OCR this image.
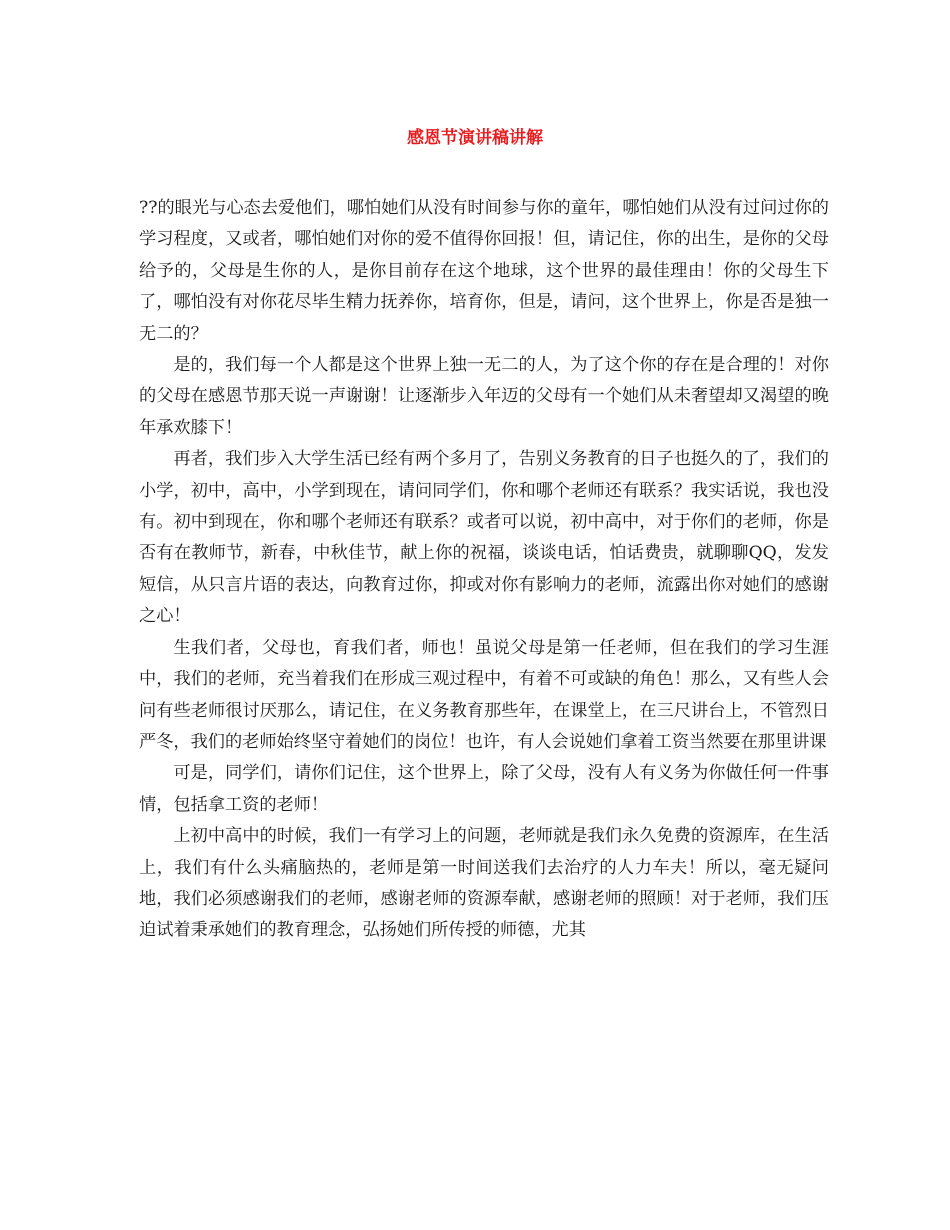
感恩节演讲稿讲解

??的眼光与心态去爱他们，哪怕她们从没有时间参与你的童年，哪怕她们从没有过问过你的学习程度，又或者，哪怕她们对你的爱不值得你回报！但，请记住，你的出生，是你的父母给予的，父母是生你的人，是你目前存在这个地球，这个世界的最佳理由！你的父母生下了，哪怕没有对你花尽毕生精力抚养你，培育你，但是，请问，这个世界上，你是否是独一无二的？

是的，我们每一个人都是这个世界上独一无二的人，为了这个你的存在是合理的！对你的父母在感恩节那天说一声谢谢！让逐渐步入年迈的父母有一个她们从未奢望却又渴望的晚年承欢膝下！

再者，我们步入大学生活已经有两个多月了，告别义务教育的日子也挺久的了，我们的小学，初中，高中，小学到现在，请问同学们，你和哪个老师还有联系？我实话说，我也没有。初中到现在，你和哪个老师还有联系？或者可以说，初中高中，对于你们的老师，你是否有在教师节，新春，中秋佳节，献上你的祝福，谈谈电话，怕话费贵，就聊聊QQ，发发短信，从只言片语的表达，向教育过你，抑或对你有影响力的老师，流露出你对她们的感谢之心！

生我们者，父母也，育我们者，师也！虽说父母是第一任老师，但在我们的学习生涯中，我们的老师，充当着我们在形成三观过程中，有着不可或缺的角色！那么，又有些人会问有些老师很讨厌那么，请记住，在义务教育那些年，在课堂上，在三尺讲台上，不管烈日严冬，我们的老师始终坚守着她们的岗位！也许，有人会说她们拿着工资当然要在那里讲课

可是，同学们，请你们记住，这个世界上，除了父母，没有人有义务为你做任何一件事情，包括拿工资的老师！

上初中高中的时候，我们一有学习上的问题，老师就是我们永久免费的资源库，在生活上，我们有什么头痛脑热的，老师是第一时间送我们去治疗的人力车夫！所以，毫无疑问地，我们必须感谢我们的老师，感谢老师的资源奉献，感谢老师的照顾！对于老师，我们压迫试着秉承她们的教育理念，弘扬她们所传授的师德，尤其
